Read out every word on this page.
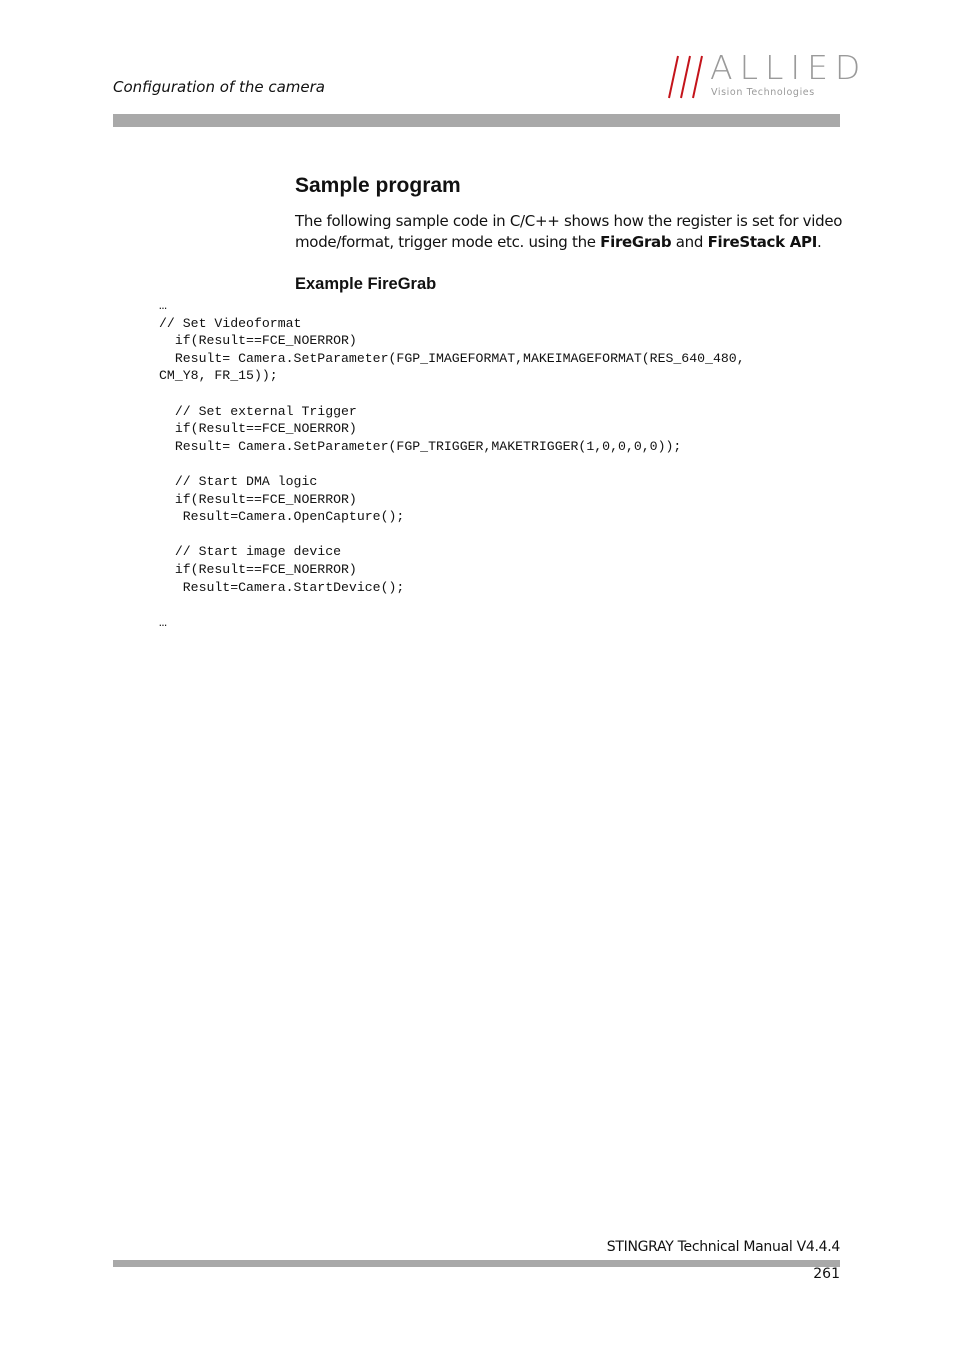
Configuration of the camera	ALLIED
Vision Technologies
Sample program
The following sample code in C/C++ shows how the register is set for video mode/format, trigger mode etc. using the FireGrab and FireStack API.
Example FireGrab
…
// Set Videoformat
if(Result==FCE_NOERROR)
Result= Camera.SetParameter(FGP_IMAGEFORMAT,MAKEIMAGEFORMAT(RES_640_480,
CM_Y8, FR_15));

// Set external Trigger
if(Result==FCE_NOERROR)
Result= Camera.SetParameter(FGP_TRIGGER,MAKETRIGGER(1,0,0,0,0));

// Start DMA logic
if(Result==FCE_NOERROR)
Result=Camera.OpenCapture();

// Start image device
if(Result==FCE_NOERROR)
Result=Camera.StartDevice();

…
STINGRAY Technical Manual V4.4.4
261
